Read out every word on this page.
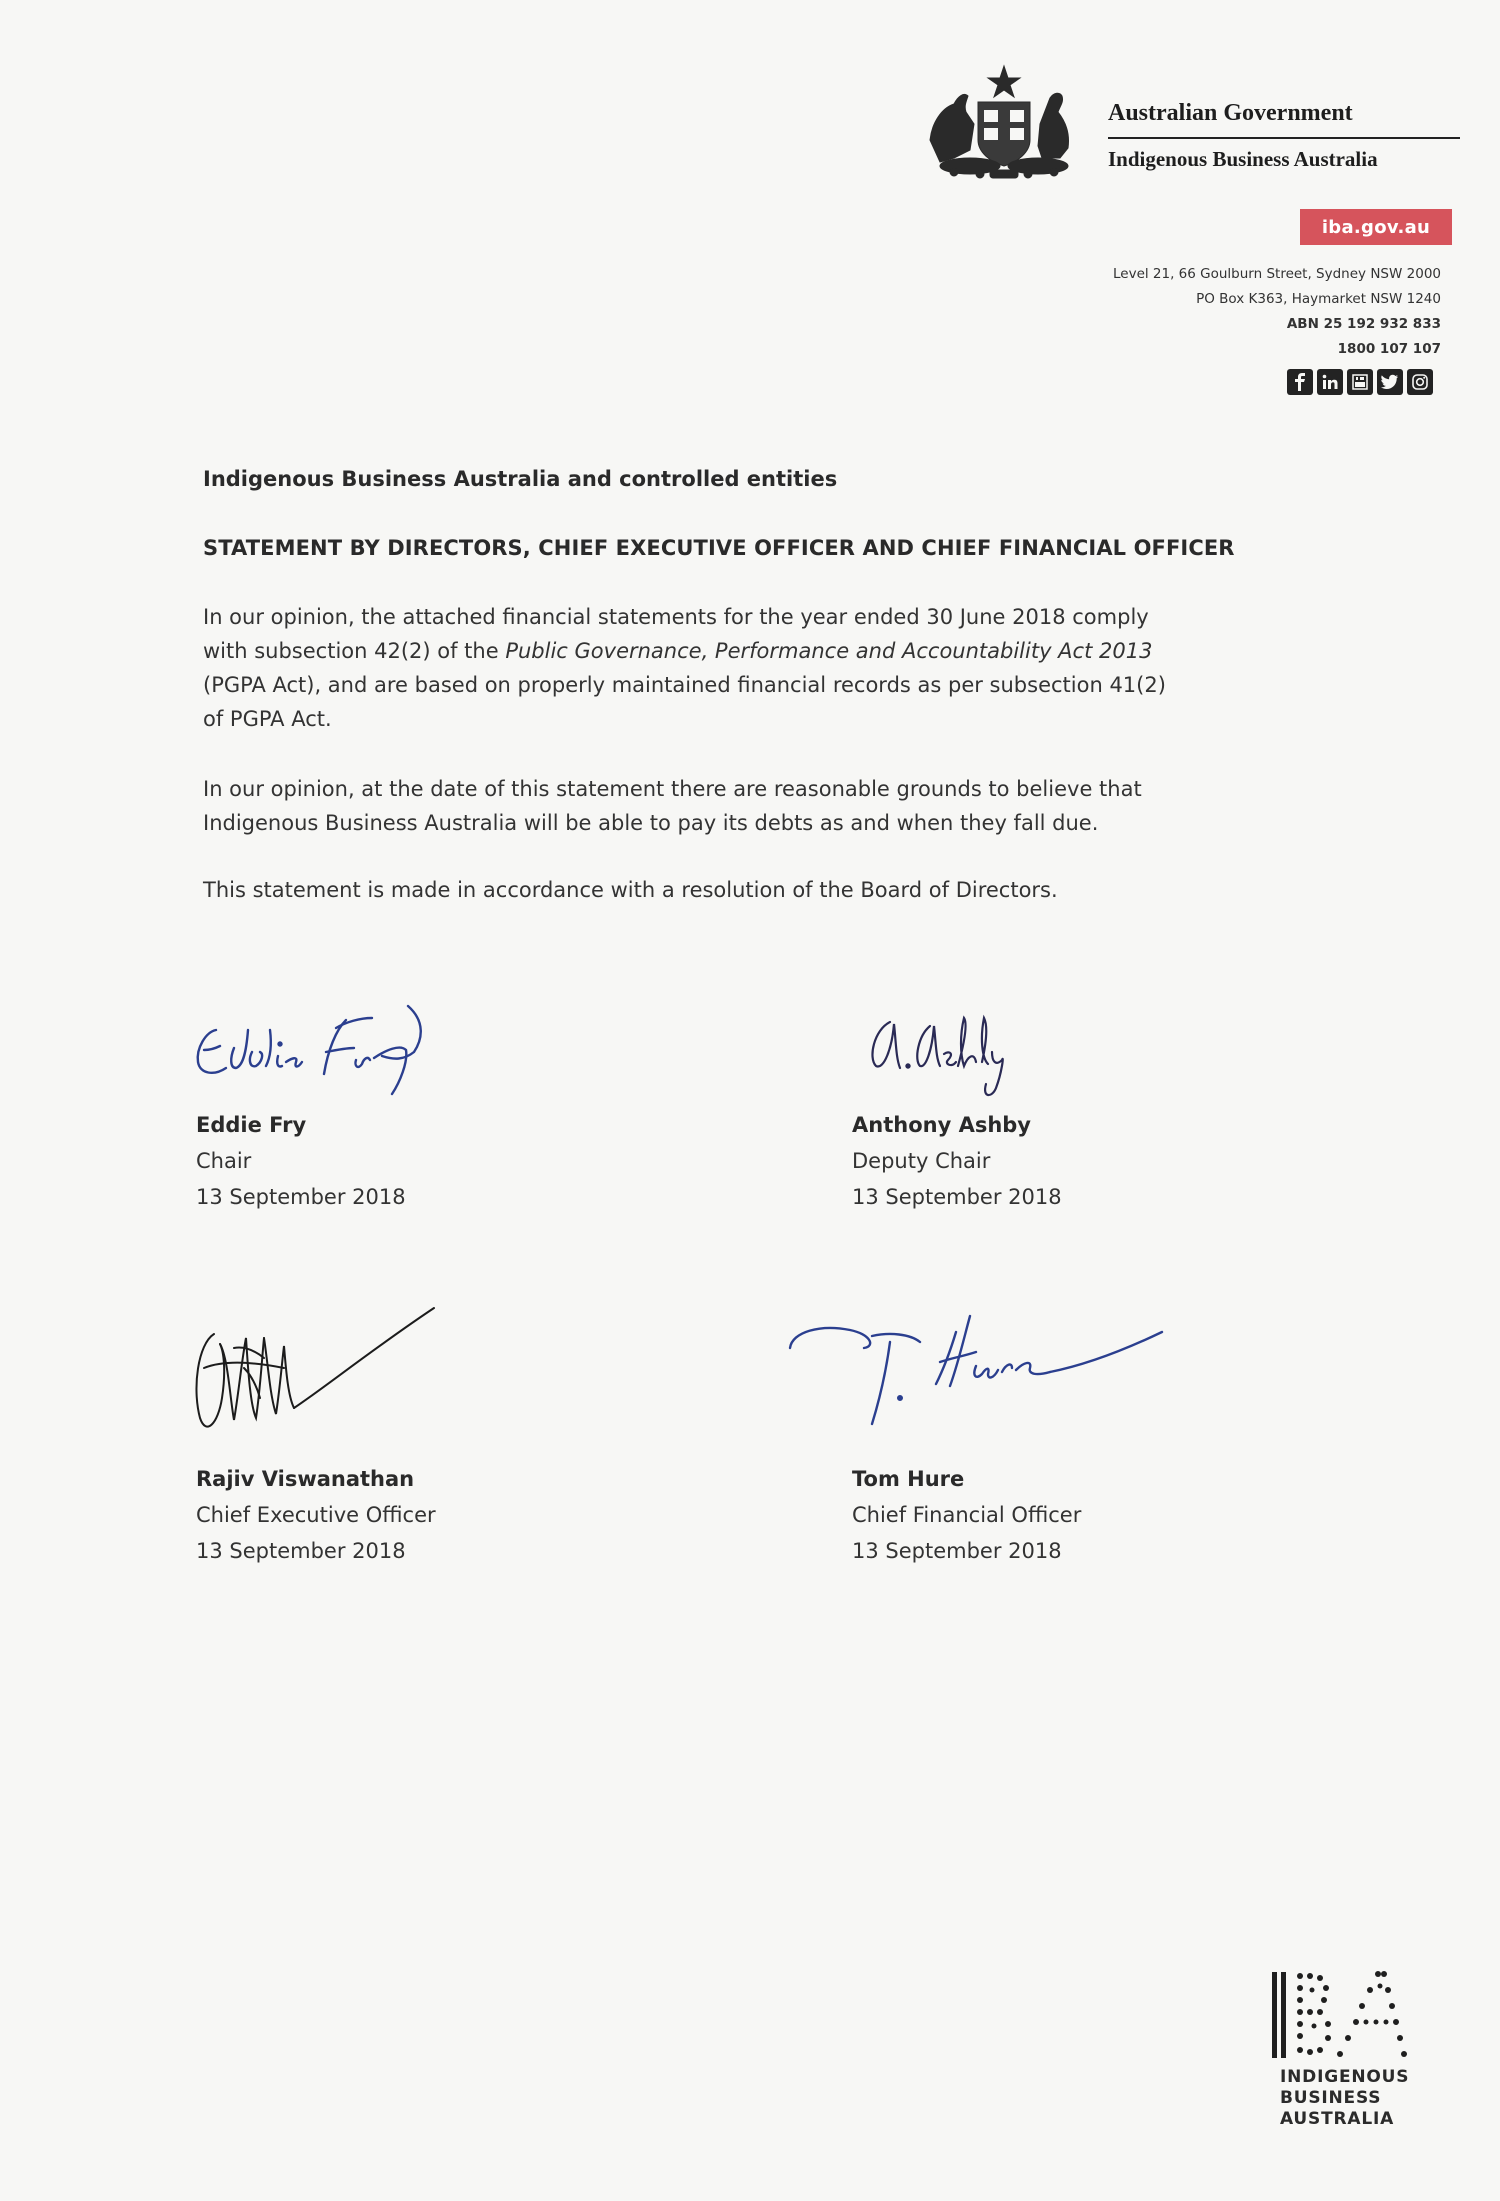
Australian Government
Indigenous Business Australia
iba.gov.au
Level 21, 66 Goulburn Street, Sydney NSW 2000
PO Box K363, Haymarket NSW 1240
ABN 25 192 932 833
1800 107 107
Indigenous Business Australia and controlled entities
STATEMENT BY DIRECTORS, CHIEF EXECUTIVE OFFICER AND CHIEF FINANCIAL OFFICER
In our opinion, the attached financial statements for the year ended 30 June 2018 comply
with subsection 42(2) of the Public Governance, Performance and Accountability Act 2013
(PGPA Act), and are based on properly maintained financial records as per subsection 41(2)
of PGPA Act.
In our opinion, at the date of this statement there are reasonable grounds to believe that
Indigenous Business Australia will be able to pay its debts as and when they fall due.
This statement is made in accordance with a resolution of the Board of Directors.
Eddie Fry
Chair
13 September 2018
Anthony Ashby
Deputy Chair
13 September 2018
Rajiv Viswanathan
Chief Executive Officer
13 September 2018
Tom Hure
Chief Financial Officer
13 September 2018
INDIGENOUS
BUSINESS
AUSTRALIA
